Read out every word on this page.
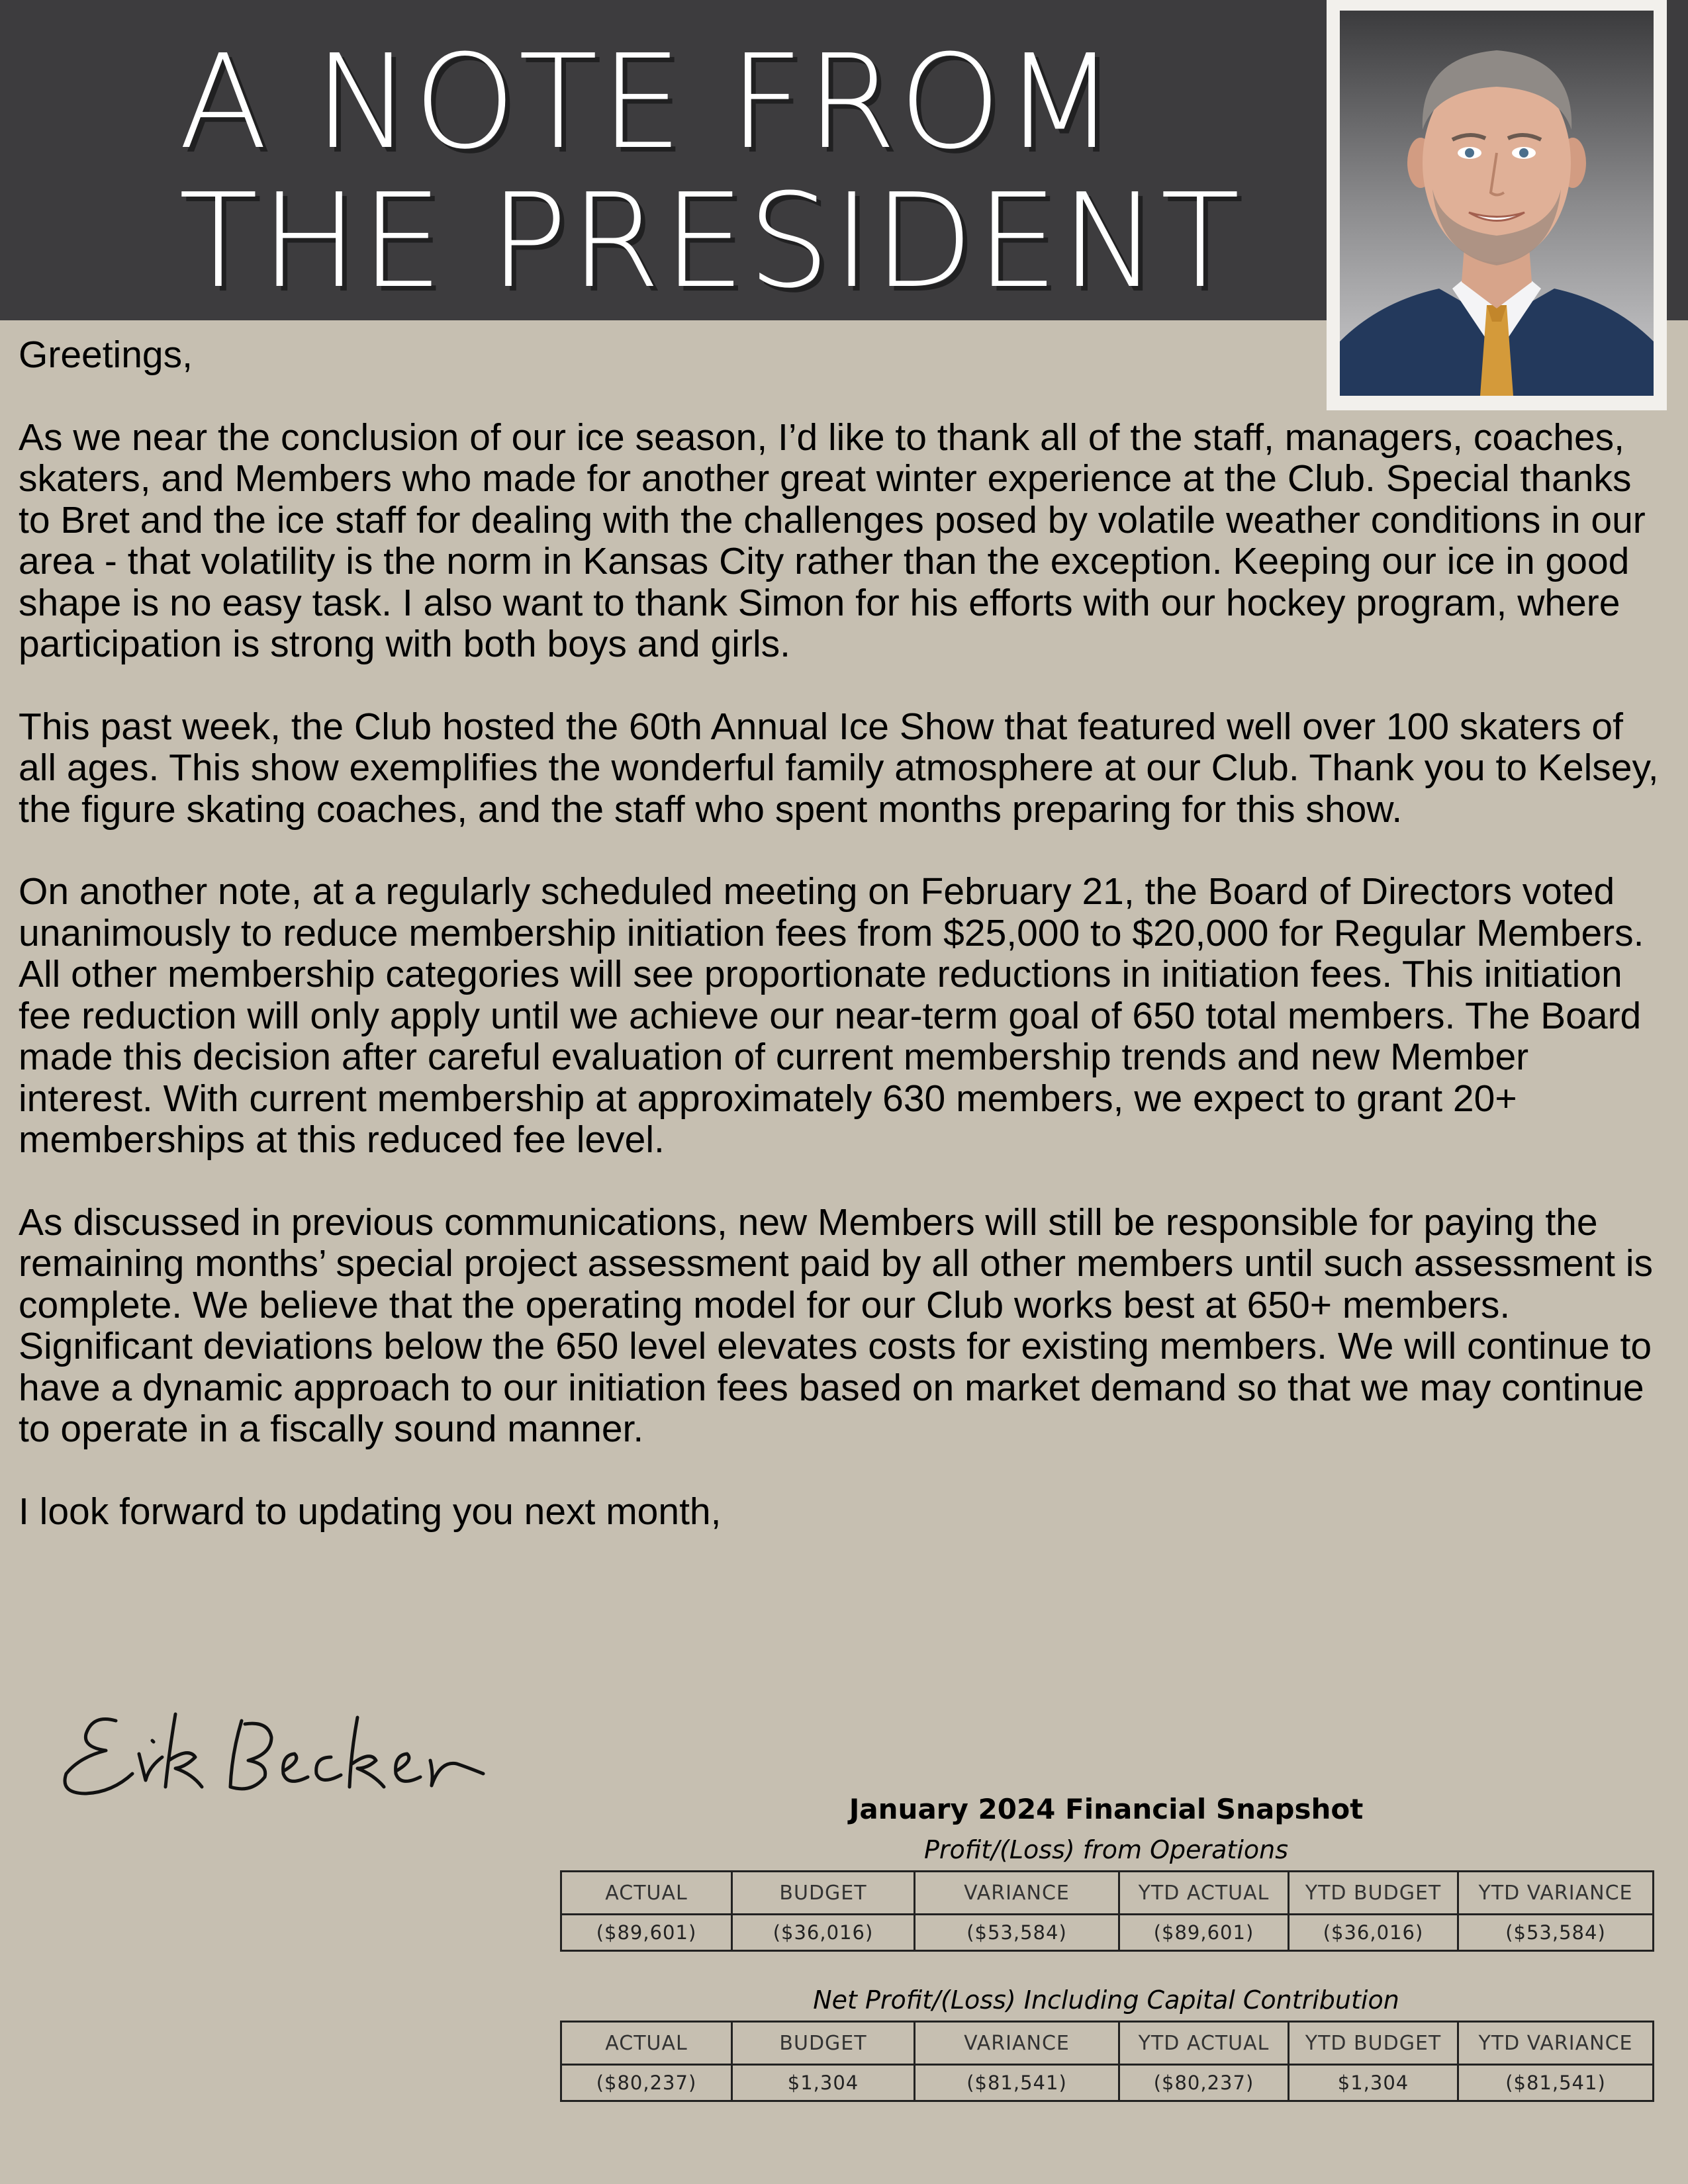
A NOTE FROM
THE PRESIDENT

Greetings,

As we near the conclusion of our ice season, I’d like to thank all of the staff, managers, coaches, skaters, and Members who made for another great winter experience at the Club. Special thanks to Bret and the ice staff for dealing with the challenges posed by volatile weather conditions in our area - that volatility is the norm in Kansas City rather than the exception. Keeping our ice in good shape is no easy task. I also want to thank Simon for his efforts with our hockey program, where participation is strong with both boys and girls.

This past week, the Club hosted the 60th Annual Ice Show that featured well over 100 skaters of all ages. This show exemplifies the wonderful family atmosphere at our Club. Thank you to Kelsey, the figure skating coaches, and the staff who spent months preparing for this show.

On another note, at a regularly scheduled meeting on February 21, the Board of Directors voted unanimously to reduce membership initiation fees from $25,000 to $20,000 for Regular Members. All other membership categories will see proportionate reductions in initiation fees. This initiation fee reduction will only apply until we achieve our near-term goal of 650 total members. The Board made this decision after careful evaluation of current membership trends and new Member interest. With current membership at approximately 630 members, we expect to grant 20+ memberships at this reduced fee level.

As discussed in previous communications, new Members will still be responsible for paying the remaining months’ special project assessment paid by all other members until such assessment is complete. We believe that the operating model for our Club works best at 650+ members. Significant deviations below the 650 level elevates costs for existing members. We will continue to have a dynamic approach to our initiation fees based on market demand so that we may continue to operate in a fiscally sound manner.

I look forward to updating you next month,

January 2024 Financial Snapshot
Profit/(Loss) from Operations
ACTUAL	BUDGET	VARIANCE	YTD ACTUAL	YTD BUDGET	YTD VARIANCE
($89,601)	($36,016)	($53,584)	($89,601)	($36,016)	($53,584)
Net Profit/(Loss) Including Capital Contribution
ACTUAL	BUDGET	VARIANCE	YTD ACTUAL	YTD BUDGET	YTD VARIANCE
($80,237)	$1,304	($81,541)	($80,237)	$1,304	($81,541)
